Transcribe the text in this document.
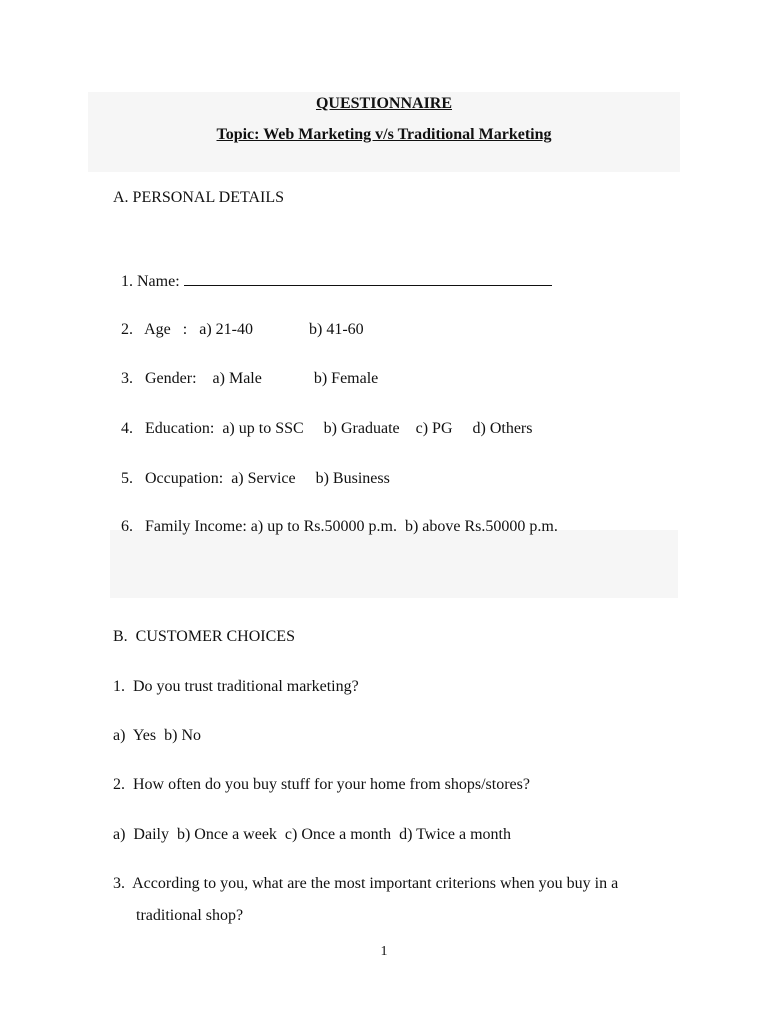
QUESTIONNAIRE
Topic: Web Marketing v/s Traditional Marketing
A. PERSONAL DETAILS

1. Name:

2. Age   :   a) 21-40              b) 41-60

3. Gender:    a) Male             b) Female

4. Education:  a) up to SSC     b) Graduate    c) PG     d) Others

5. Occupation:  a) Service     b) Business

6. Family Income: a) up to Rs.50000 p.m.  b) above Rs.50000 p.m.

B.  CUSTOMER CHOICES
1.  Do you trust traditional marketing?
a)  Yes  b) No
2.  How often do you buy stuff for your home from shops/stores?
a)  Daily  b) Once a week  c) Once a month  d) Twice a month
3.  According to you, what are the most important criterions when you buy in a
traditional shop?
1
